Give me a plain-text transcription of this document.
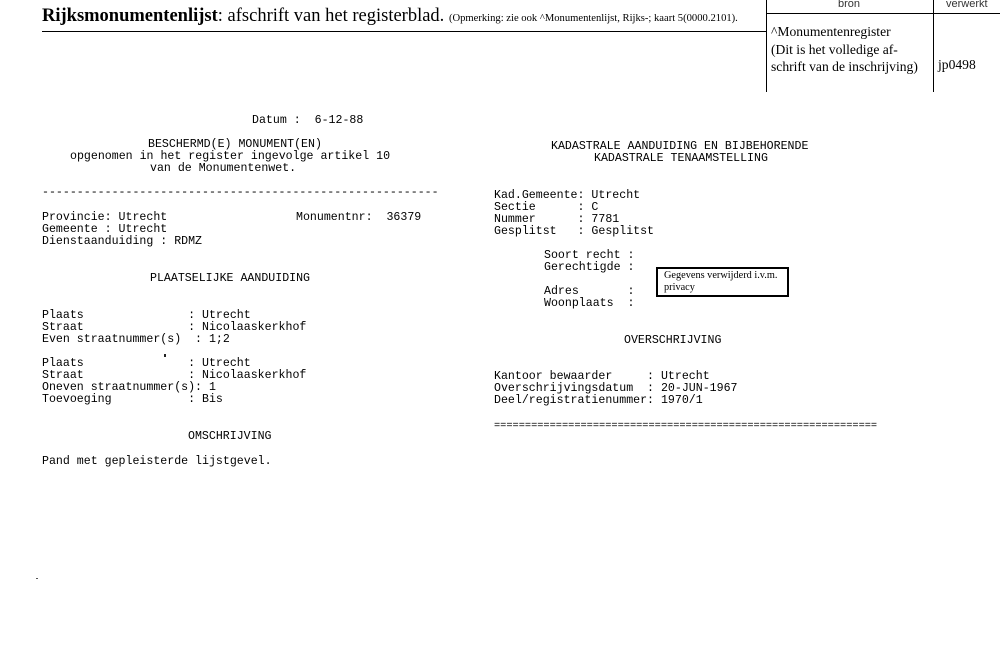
Rijksmonumentenlijst: afschrift van het registerblad. (Opmerking: zie ook ^Monumentenlijst, Rijks-; kaart 5(0000.2101).
bron	verwerkt
^Monumentenregister
(Dit is het volledige af-
schrift van de inschrijving) jp0498
Datum :  6-12-88
BESCHERMD(E) MONUMENT(EN)
opgenomen in het register ingevolge artikel 10
van de Monumentenwet.
---------------------------------------------------------
Provincie: Utrecht	Monumentnr:  36379
Gemeente : Utrecht
Dienstaanduiding : RDMZ
PLAATSELIJKE AANDUIDING
Plaats               : Utrecht
Straat               : Nicolaaskerkhof
Even straatnummer(s)  : 1;2
Plaats               : Utrecht
Straat               : Nicolaaskerkhof
Oneven straatnummer(s): 1
Toevoeging           : Bis
OMSCHRIJVING
Pand met gepleisterde lijstgevel.
KADASTRALE AANDUIDING EN BIJBEHORENDE
KADASTRALE TENAAMSTELLING
Kad.Gemeente: Utrecht
Sectie      : C
Nummer      : 7781
Gesplitst   : Gesplitst
Soort recht :
Gerechtigde :
Adres       :
Woonplaats  :
Gegevens verwijderd i.v.m.
privacy
OVERSCHRIJVING
Kantoor bewaarder     : Utrecht
Overschrijvingsdatum  : 20-JUN-1967
Deel/registratienummer: 1970/1
==============================================================
